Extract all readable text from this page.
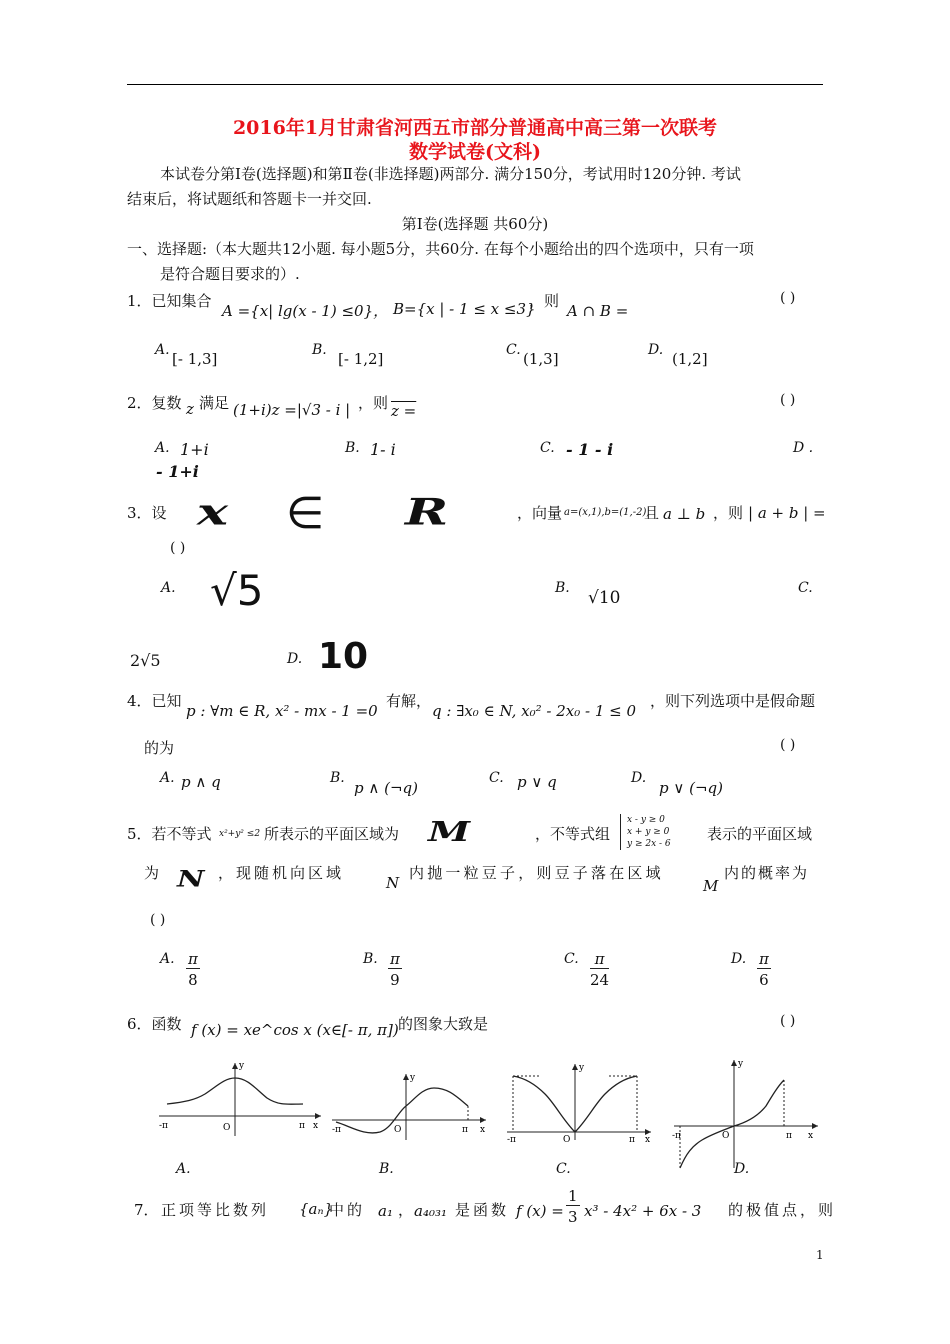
2016年1月甘肃省河西五市部分普通高中高三第一次联考
数学试卷(文科)
本试卷分第Ⅰ卷(选择题)和第Ⅱ卷(非选择题)两部分. 满分150分，考试用时120分钟. 考试
结束后，将试题纸和答题卡一并交回.
第Ⅰ卷(选择题 共60分)
一、选择题:（本大题共12小题. 每小题5分，共60分. 在每个小题给出的四个选项中，只有一项
是符合题目要求的）.
1．已知集合
A ={x| lg(x - 1) ≤0}， B={x | - 1 ≤ x ≤3}
，则
A ∩ B =
( )
A. [- 1,3]	B. [- 1,2]	C. (1,3]	D. (1,2]
2．复数 z 满足 (1+i)z =|√3 - i | ，则 z =
( )
A. 1+i	B. 1- i	C. - 1 - i	D .
- 1+i
3．设 x ∈ R	，向量 a=(x,1),b=(1,-2),
且 a ⊥ b ，则 | a + b | =
( )
A. √5	B. √10	C.
2√5	D. 10
4．已知
p : ∀m ∈ R, x² - mx - 1 =0
有解，
q : ∃x₀ ∈ N, x₀² - 2x₀ - 1 ≤ 0
，则下列选项中是假命题
的为	( )
A. p ∧ q	B.
p ∧ (¬q)
C. p ∨ q	D.
p ∨ (¬q)
5．若不等式 x²+y² ≤2 所表示的平面区域为 M	，不等式组
x - y ≥ 0
x + y ≥ 0
y ≥ 2x - 6
表示的平面区域
为 N ，现随机向区域
N
内抛一粒豆子，则豆子落在区域
M
内的概率为
( )
A. $\frac{\pi}{8}$	B. $\frac{\pi}{9}$	C. $\frac{\pi}{24}$	D. $\frac{\pi}{6}$
6．函数 f (x) = xe^cos x (x∈[- π, π]) 的图象大致是	( )
y
x
O
-π	π
y
x
O
-π	π
y
x
O
-π	π
y
x
O
-π	π
A.	B.	C.	D.
7． 正项等比数列 {aₙ}
中的 a₁ ， a₄₀₃₁ 是函数 f $(x) = \frac{1}{3} x^3 - 4x^2 + 6x - 3$ 的极值点，则
1
